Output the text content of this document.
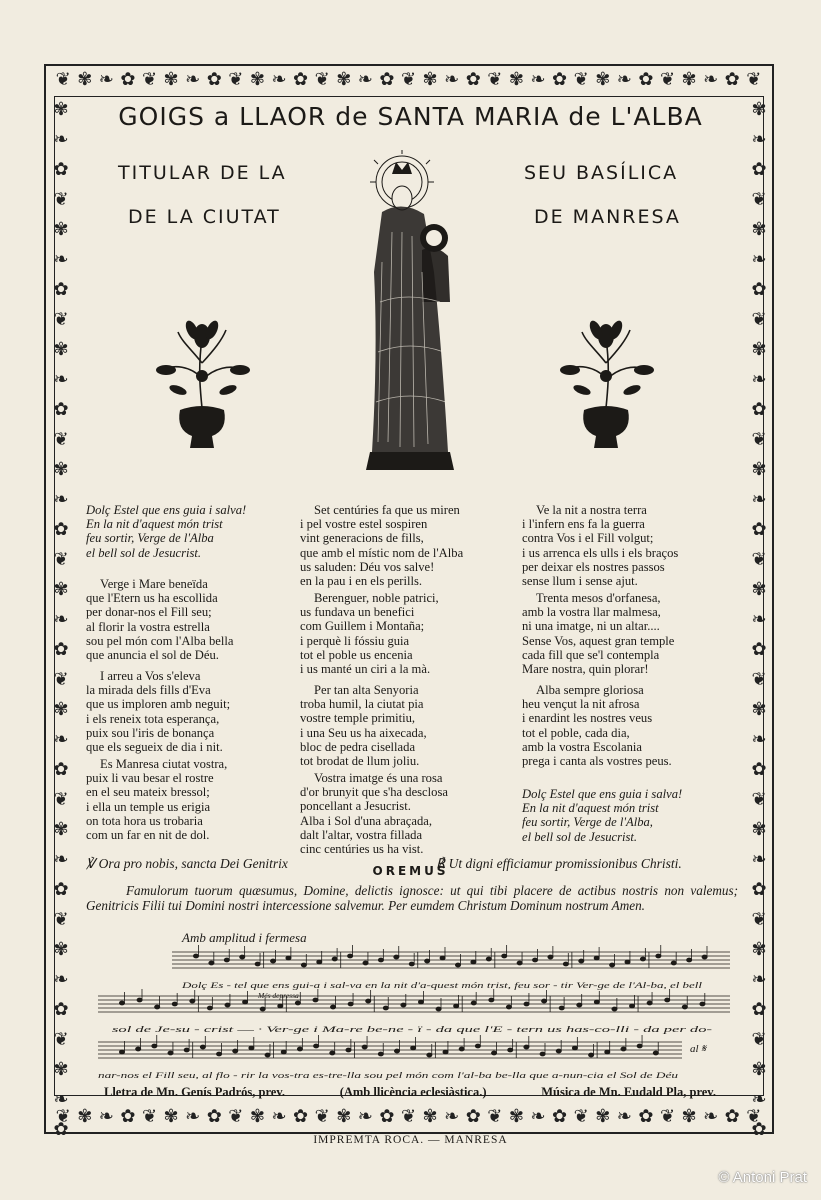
❦ ✾ ❧ ✿ ❦ ✾ ❧ ✿ ❦ ✾ ❧ ✿ ❦ ✾ ❧ ✿ ❦ ✾ ❧ ✿ ❦ ✾ ❧ ✿ ❦ ✾ ❧ ✿ ❦ ✾ ❧ ✿ ❦
❦ ✾ ❧ ✿ ❦ ✾ ❧ ✿ ❦ ✾ ❧ ✿ ❦ ✾ ❧ ✿ ❦ ✾ ❧ ✿ ❦ ✾ ❧ ✿ ❦ ✾ ❧ ✿ ❦ ✾ ❧ ✿ ❦
✾❧✿❦✾❧✿❦✾❧✿❦✾❧✿❦✾❧✿❦✾❧✿❦✾❧✿❦✾❧✿❦✾❧✿
✾❧✿❦✾❧✿❦✾❧✿❦✾❧✿❦✾❧✿❦✾❧✿❦✾❧✿❦✾❧✿❦✾❧✿
GOIGS a LLAOR de SANTA MARIA de L'ALBA
TITULAR DE LA
DE LA CIUTAT
SEU BASÍLICA
DE MANRESA
Dolç Estel que ens guia i salva!
En la nit d'aquest món trist
feu sortir, Verge de l'Alba
el bell sol de Jesucrist.
Verge i Mare beneïda
que l'Etern us ha escollida
per donar-nos el Fill seu;
al florir la vostra estrella
sou pel món com l'Alba bella
que anuncia el sol de Déu.
I arreu a Vos s'eleva
la mirada dels fills d'Eva
que us imploren amb neguit;
i els reneix tota esperança,
puix sou l'iris de bonança
que els segueix de dia i nit.
Es Manresa ciutat vostra,
puix li vau besar el rostre
en el seu mateix bressol;
i ella un temple us erigia
on tota hora us trobaria
com un far en nit de dol.
Set centúries fa que us miren
i pel vostre estel sospiren
vint generacions de fills,
que amb el místic nom de l'Alba
us saluden: Déu vos salve!
en la pau i en els perills.
Berenguer, noble patrici,
us fundava un benefici
com Guillem i Montaña;
i perquè li fóssiu guia
tot el poble us encenia
i us manté un ciri a la mà.
Per tan alta Senyoria
troba humil, la ciutat pia
vostre temple primitiu,
i una Seu us ha aixecada,
bloc de pedra cisellada
tot brodat de llum joliu.
Vostra imatge és una rosa
d'or brunyit que s'ha desclosa
poncellant a Jesucrist.
Alba i Sol d'una abraçada,
dalt l'altar, vostra fillada
cinc centúries us ha vist.
Ve la nit a nostra terra
i l'infern ens fa la guerra
contra Vos i el Fill volgut;
i us arrenca els ulls i els braços
per deixar els nostres passos
sense llum i sense ajut.
Trenta mesos d'orfanesa,
amb la vostra llar malmesa,
ni una imatge, ni un altar....
Sense Vos, aquest gran temple
cada fill que se'l contempla
Mare nostra, quin plorar!
Alba sempre gloriosa
heu vençut la nit afrosa
i enardint les nostres veus
tot el poble, cada dia,
amb la vostra Escolania
prega i canta als vostres peus.
Dolç Estel que ens guia i salva!
En la nit d'aquest món trist
feu sortir, Verge de l'Alba,
el bell sol de Jesucrist.
℣ Ora pro nobis, sancta Dei Genitrix	℟ Ut digni efficiamur promissionibus Christi.
OREMUS
Famulorum tuorum quæsumus, Domine, delictis ignosce: ut qui tibi placere de actibus nostris non valemus; Genitricis Filii tui Domini nostri intercessione salvemur. Per eumdem Christum Dominum nostrum Amen.
Amb amplitud i fermesa
Més depressa
al 𝄋
Dolç Es - tel que ens gui-a i sal-va en la nit d'a-quest món trist, feu sor - tir Ver-ge de l'Al-ba, el bell
sol de Je-su - crist ― · Ver-ge i Ma-re be-ne - ï - da que l'E - tern us has-co-lli - da per do-
nar-nos el Fill seu, al flo - rir la vos-tra es-tre-lla sou pel món com l'al-ba be-lla que a-nun-cia el Sol de Déu
Lletra de Mn. Genís Padrós, prev.	(Amb llicència eclesiàstica.)	Música de Mn. Eudald Pla, prev.
IMPREMTA ROCA. — MANRESA
© Antoni Prat
